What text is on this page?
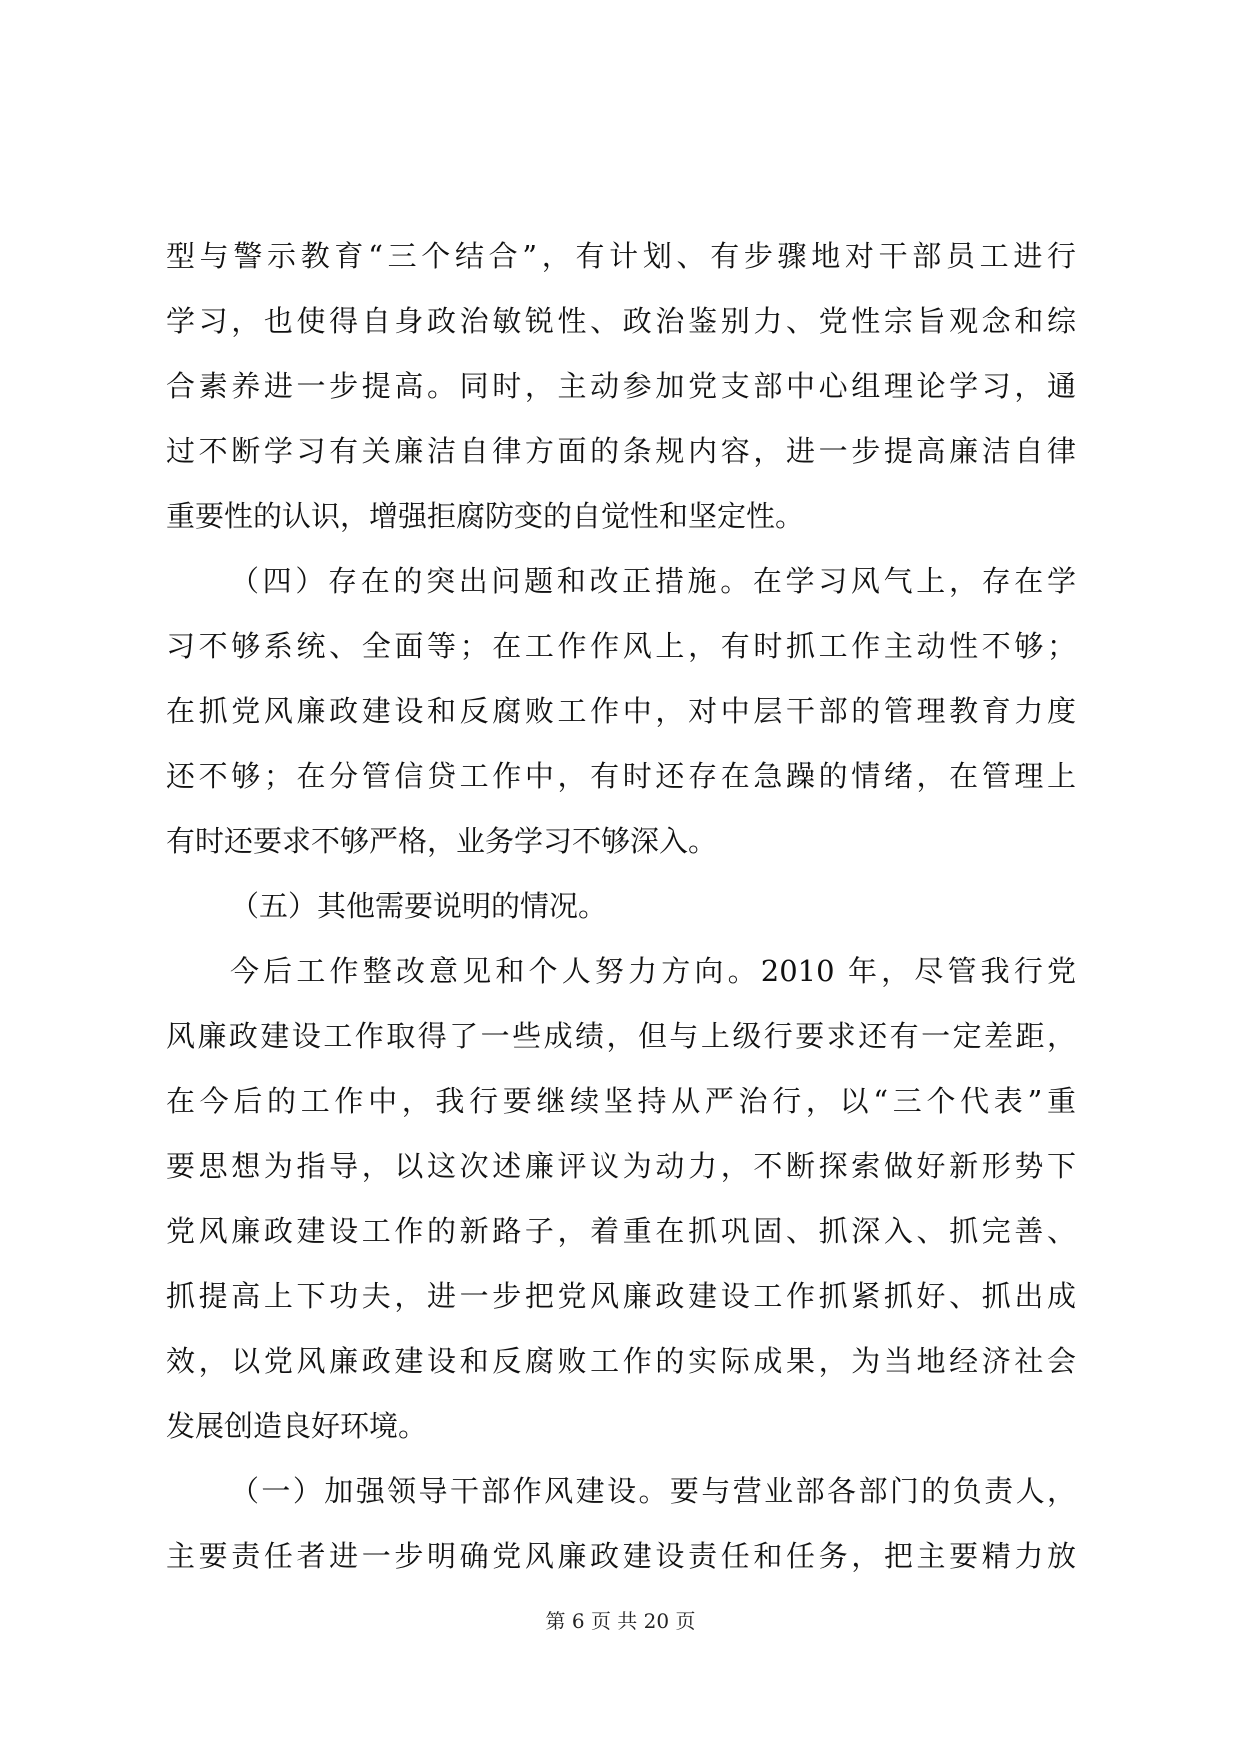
型与警示教育“三个结合”，有计划、有步骤地对干部员工进行
学习，也使得自身政治敏锐性、政治鉴别力、党性宗旨观念和综
合素养进一步提高。同时，主动参加党支部中心组理论学习，通
过不断学习有关廉洁自律方面的条规内容，进一步提高廉洁自律
重要性的认识，增强拒腐防变的自觉性和坚定性。
（四）存在的突出问题和改正措施。在学习风气上，存在学
习不够系统、全面等；在工作作风上，有时抓工作主动性不够；
在抓党风廉政建设和反腐败工作中，对中层干部的管理教育力度
还不够；在分管信贷工作中，有时还存在急躁的情绪，在管理上
有时还要求不够严格，业务学习不够深入。
（五）其他需要说明的情况。
今后工作整改意见和个人努力方向。2010 年，尽管我行党
风廉政建设工作取得了一些成绩，但与上级行要求还有一定差距，
在今后的工作中，我行要继续坚持从严治行，以“三个代表”重
要思想为指导，以这次述廉评议为动力，不断探索做好新形势下
党风廉政建设工作的新路子，着重在抓巩固、抓深入、抓完善、
抓提高上下功夫，进一步把党风廉政建设工作抓紧抓好、抓出成
效，以党风廉政建设和反腐败工作的实际成果，为当地经济社会
发展创造良好环境。
（一）加强领导干部作风建设。要与营业部各部门的负责人，
主要责任者进一步明确党风廉政建设责任和任务，把主要精力放
第 6 页 共 20 页
